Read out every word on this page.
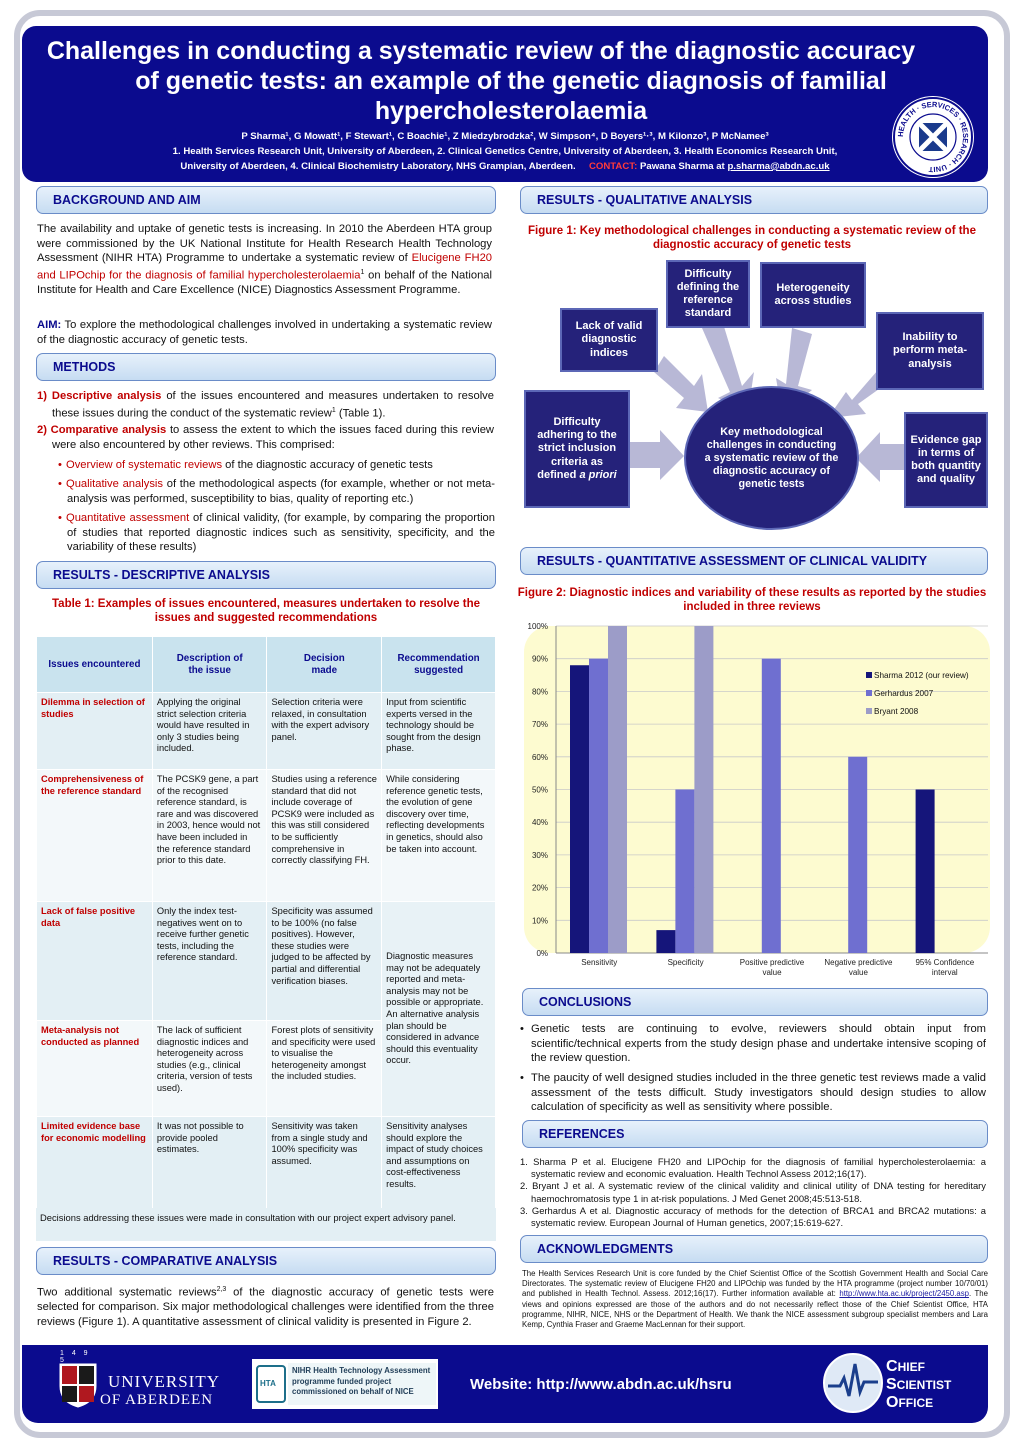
Challenges in conducting a systematic review of the diagnostic accuracy
of genetic tests: an example of the genetic diagnosis of familial
hypercholesterolaemia
P Sharma¹, G Mowatt¹, F Stewart¹, C Boachie¹, Z Miedzybrodzka², W Simpson⁴, D Boyers¹·³, M Kilonzo³, P McNamee³
1. Health Services Research Unit, University of Aberdeen, 2. Clinical Genetics Centre, University of Aberdeen, 3. Health Economics Research Unit,
University of Aberdeen, 4. Clinical Biochemistry Laboratory, NHS Grampian, Aberdeen. CONTACT: Pawana Sharma at p.sharma@abdn.ac.uk
HEALTH · SERVICES · RESEARCH · UNIT
BACKGROUND AND AIM
The availability and uptake of genetic tests is increasing. In 2010 the Aberdeen HTA group were commissioned by the UK National Institute for Health Research Health Technology Assessment (NIHR HTA) Programme to undertake a systematic review of Elucigene FH20 and LIPOchip for the diagnosis of familial hypercholesterolaemia$^1$ on behalf of the National Institute for Health and Care Excellence (NICE) Diagnostics Assessment Programme.
AIM: To explore the methodological challenges involved in undertaking a systematic review of the diagnostic accuracy of genetic tests.
METHODS
1) Descriptive analysis of the issues encountered and measures undertaken to resolve these issues during the conduct of the systematic review$^1$ (Table 1).
2) Comparative analysis to assess the extent to which the issues faced during this review were also encountered by other reviews. This comprised:
• Overview of systematic reviews of the diagnostic accuracy of genetic tests
• Qualitative analysis of the methodological aspects (for example, whether or not meta-analysis was performed, susceptibility to bias, quality of reporting etc.)
• Quantitative assessment of clinical validity, (for example, by comparing the proportion of studies that reported diagnostic indices such as sensitivity, specificity, and the variability of these results)
RESULTS - DESCRIPTIVE ANALYSIS
Table 1: Examples of issues encountered, measures undertaken to resolve the issues and suggested recommendations
Issues encountered	Description of
the issue	Decision
made	Recommendation
suggested
Dilemma in selection of studies	Applying the original strict selection criteria would have resulted in only 3 studies being included.	Selection criteria were relaxed, in consultation with the expert advisory panel.	Input from scientific experts versed in the technology should be sought from the design phase.
Comprehensiveness of the reference standard	The PCSK9 gene, a part of the recognised reference standard, is rare and was discovered in 2003, hence would not have been included in the reference standard prior to this date.	Studies using a reference standard that did not include coverage of PCSK9 were included as this was still considered to be sufficiently comprehensive in correctly classifying FH.	While considering reference genetic tests, the evolution of gene discovery over time, reflecting developments in genetics, should also be taken into account.
Lack of false positive data	Only the index test-negatives went on to receive further genetic tests, including the reference standard.	Specificity was assumed to be 100% (no false positives). However, these studies were judged to be affected by partial and differential verification biases.	Diagnostic measures may not be adequately reported and meta-analysis may not be possible or appropriate. An alternative analysis plan should be considered in advance should this eventuality occur.
Meta-analysis not conducted as planned	The lack of sufficient diagnostic indices and heterogeneity across studies (e.g., clinical criteria, version of tests used).	Forest plots of sensitivity and specificity were used to visualise the heterogeneity amongst the included studies.	
Limited evidence base for economic modelling	It was not possible to provide pooled estimates.	Sensitivity was taken from a single study and 100% specificity was assumed.	Sensitivity analyses should explore the impact of study choices and assumptions on cost-effectiveness results.
Decisions addressing these issues were made in consultation with our project expert advisory panel.
RESULTS - COMPARATIVE ANALYSIS
Two additional systematic reviews$^{2,3}$ of the diagnostic accuracy of genetic tests were selected for comparison. Six major methodological challenges were identified from the three reviews (Figure 1). A quantitative assessment of clinical validity is presented in Figure 2.
RESULTS - QUALITATIVE ANALYSIS
Figure 1: Key methodological challenges in conducting a systematic review of the diagnostic accuracy of genetic tests
Difficulty defining the reference standard
Heterogeneity across studies
Lack of valid diagnostic indices
Inability to perform meta-analysis
Difficulty adhering to the strict inclusion criteria as defined a priori
Evidence gap in terms of both quantity and quality
Key methodological challenges in conducting a systematic review of the diagnostic accuracy of genetic tests
RESULTS - QUANTITATIVE ASSESSMENT OF CLINICAL VALIDITY
Figure 2: Diagnostic indices and variability of these results as reported by the studies included in three reviews
0%
10%
20%
30%
40%
50%
60%
70%
80%
90%
100%
Sensitivity	Specificity	Positive predictive
value
Negative predictive
value
95% Confidence
interval
Sharma 2012 (our review)
Gerhardus 2007
Bryant 2008
CONCLUSIONS
• Genetic tests are continuing to evolve, reviewers should obtain input from scientific/technical experts from the study design phase and undertake intensive scoping of the review question.
• The paucity of well designed studies included in the three genetic test reviews made a valid assessment of the tests difficult. Study investigators should design studies to allow calculation of specificity as well as sensitivity where possible.
REFERENCES
1. Sharma P et al. Elucigene FH20 and LIPOchip for the diagnosis of familial hypercholesterolaemia: a systematic review and economic evaluation. Health Technol Assess 2012;16(17).
2. Bryant J et al. A systematic review of the clinical validity and clinical utility of DNA testing for hereditary haemochromatosis type 1 in at-risk populations. J Med Genet 2008;45:513-518.
3. Gerhardus A et al. Diagnostic accuracy of methods for the detection of BRCA1 and BRCA2 mutations: a systematic review. European Journal of Human genetics, 2007;15:619-627.
ACKNOWLEDGMENTS
The Health Services Research Unit is core funded by the Chief Scientist Office of the Scottish Government Health and Social Care Directorates. The systematic review of Elucigene FH20 and LIPOchip was funded by the HTA programme (project number 10/70/01) and published in Health Technol. Assess. 2012;16(17). Further information available at: http://www.hta.ac.uk/project/2450.asp. The views and opinions expressed are those of the authors and do not necessarily reflect those of the Chief Scientist Office, HTA programme, NIHR, NICE, NHS or the Department of Health. We thank the NICE assessment subgroup specialist members and Lara Kemp, Cynthia Fraser and Graeme MacLennan for their support.
1 4 9 5
UNIVERSITY
OF ABERDEEN
HTA
NIHR Health Technology Assessment
programme funded project
commissioned on behalf of NICE	Website: http://www.abdn.ac.uk/hsru
CHIEF
SCIENTIST
OFFICE
